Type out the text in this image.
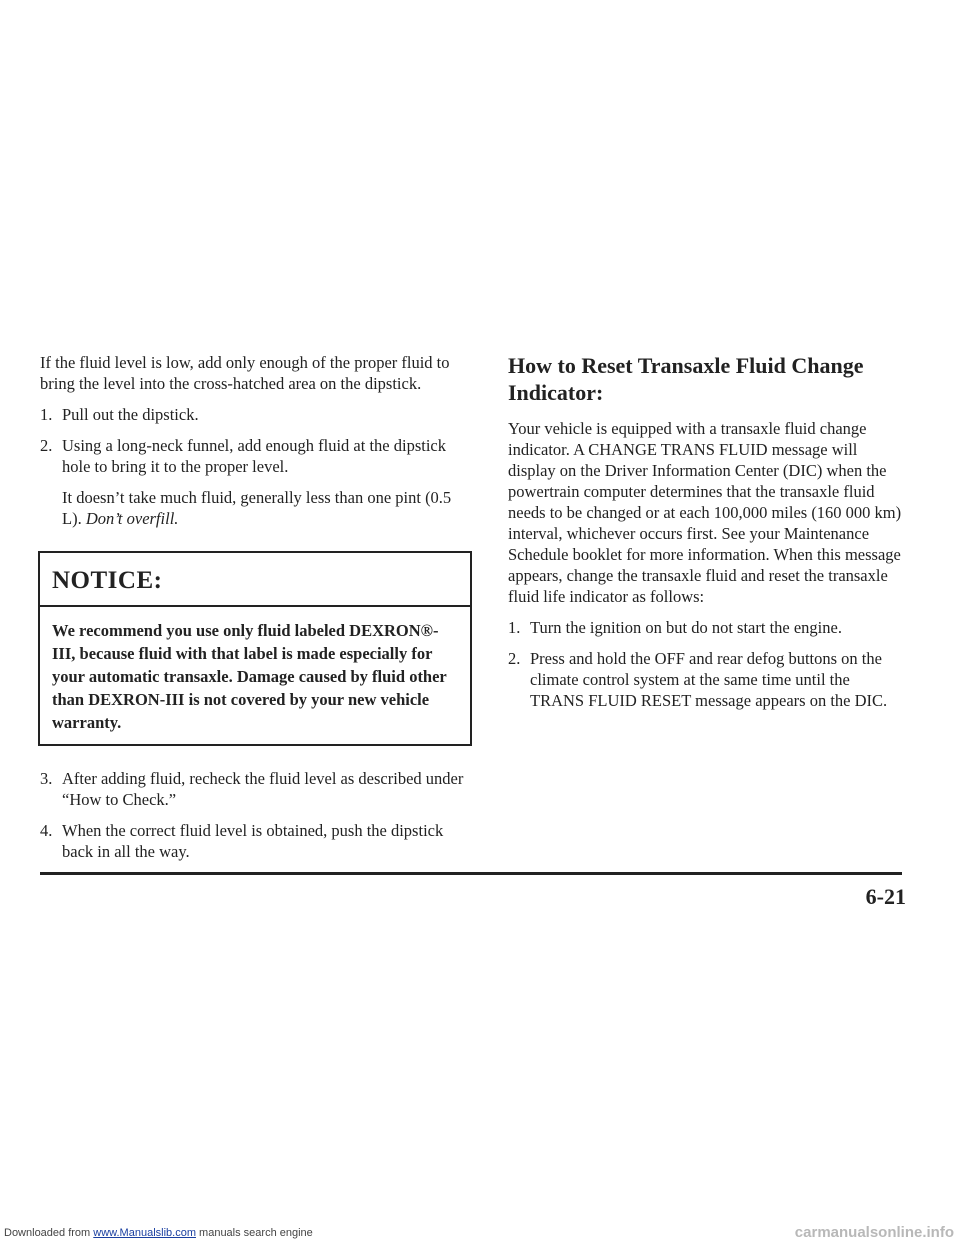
If the fluid level is low, add only enough of the proper fluid to bring the level into the cross-hatched area on the dipstick.

1. Pull out the dipstick.
2. Using a long-neck funnel, add enough fluid at the dipstick hole to bring it to the proper level.
It doesn’t take much fluid, generally less than one pint (0.5 L). Don’t overfill.
NOTICE:
We recommend you use only fluid labeled DEXRON®-III, because fluid with that label is made especially for your automatic transaxle. Damage caused by fluid other than DEXRON-III is not covered by your new vehicle warranty.
3. After adding fluid, recheck the fluid level as described under “How to Check.”
4. When the correct fluid level is obtained, push the dipstick back in all the way.
How to Reset Transaxle Fluid Change Indicator:

Your vehicle is equipped with a transaxle fluid change indicator. A CHANGE TRANS FLUID message will display on the Driver Information Center (DIC) when the powertrain computer determines that the transaxle fluid needs to be changed or at each 100,000 miles (160 000 km) interval, whichever occurs first. See your Maintenance Schedule booklet for more information. When this message appears, change the transaxle fluid and reset the transaxle fluid life indicator as follows:

1. Turn the ignition on but do not start the engine.
2. Press and hold the OFF and rear defog buttons on the climate control system at the same time until the TRANS FLUID RESET message appears on the DIC.
6-21
Downloaded from www.Manualslib.com manuals search engine	carmanualsonline.info
